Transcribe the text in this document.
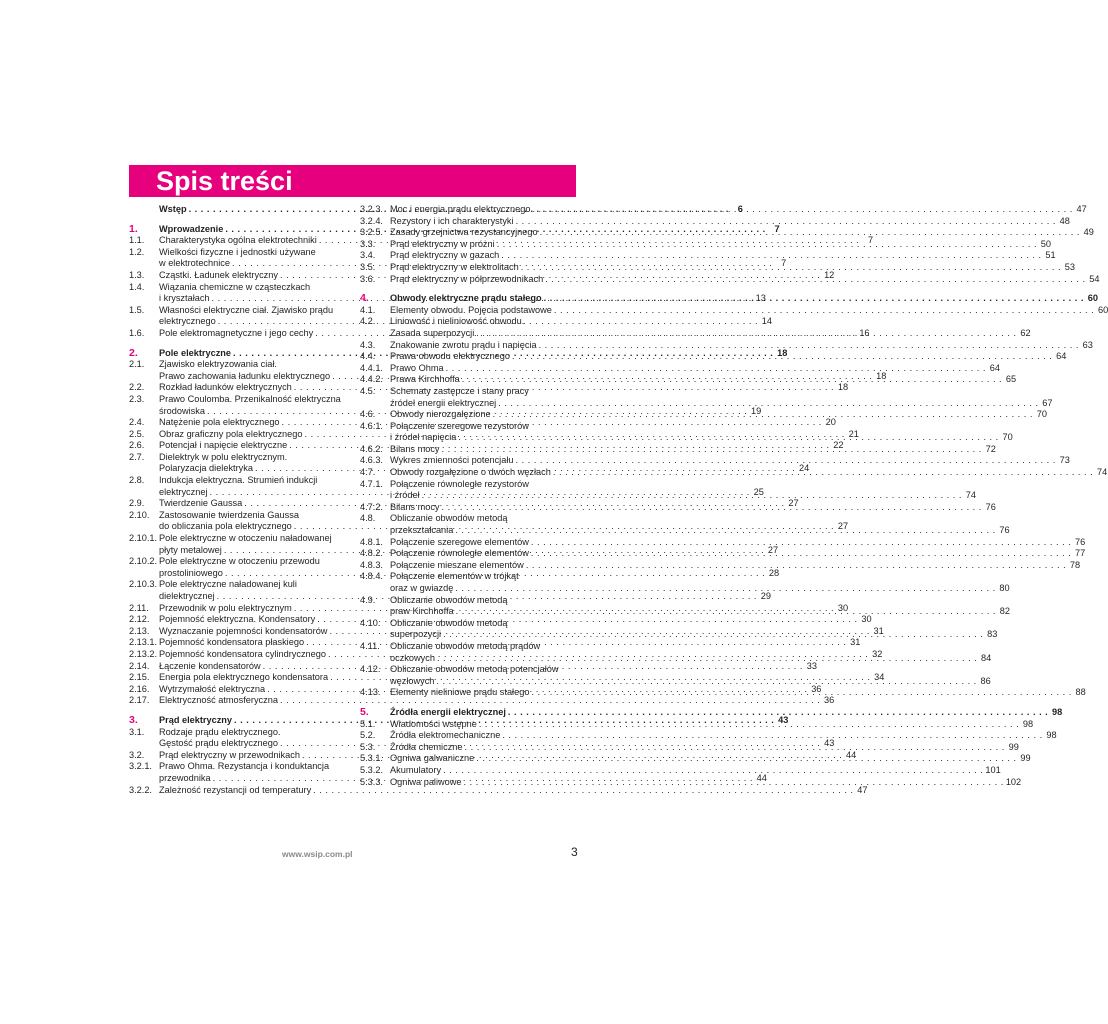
Spis treści
Wstęp . . .	6
1.	Wprowadzenie . . .	7
1.1.	Charakterystyka ogólna elektrotechniki . . .	7
1.2.	Wielkości fizyczne i jednostki używane
w elektrotechnice . . .	7
1.3.	Cząstki. Ładunek elektryczny . . .	12
1.4.	Wiązania chemiczne w cząsteczkach
i kryształach . . .	13
1.5.	Własności elektryczne ciał. Zjawisko prądu
elektrycznego . . .	14
1.6.	Pole elektromagnetyczne i jego cechy . . .	16
2.	Pole elektryczne . . .	18
2.1.	Zjawisko elektryzowania ciał.
Prawo zachowania ładunku elektrycznego . . .	18
2.2.	Rozkład ładunków elektrycznych . . .	18
2.3.	Prawo Coulomba. Przenikalność elektryczna
środowiska . . .	19
2.4.	Natężenie pola elektrycznego . . .	20
2.5.	Obraz graficzny pola elektrycznego . . .	21
2.6.	Potencjał i napięcie elektryczne . . .	22
2.7.	Dielektryk w polu elektrycznym.
Polaryzacja dielektryka . . .	24
2.8.	Indukcja elektryczna. Strumień indukcji
elektrycznej . . .	25
2.9.	Twierdzenie Gaussa . . .	27
2.10.	Zastosowanie twierdzenia Gaussa
do obliczania pola elektrycznego . . .	27
2.10.1. Pole elektryczne w otoczeniu naładowanej
płyty metalowej . . .	27
2.10.2. Pole elektryczne w otoczeniu przewodu
prostoliniowego . . .	28
2.10.3. Pole elektryczne naładowanej kuli
dielektrycznej . . .	29
2.11.	Przewodnik w polu elektrycznym . . .	30
2.12.	Pojemność elektryczna. Kondensatory . . .	30
2.13.	Wyznaczanie pojemności kondensatorów . . .	31
2.13.1. Pojemność kondensatora płaskiego . . .	31
2.13.2. Pojemność kondensatora cylindrycznego . . .	32
2.14.	Łączenie kondensatorów . . .	33
2.15.	Energia pola elektrycznego kondensatora . . .	34
2.16.	Wytrzymałość elektryczna . . .	36
2.17.	Elektryczność atmosferyczna . . .	36
3.	Prąd elektryczny . . .	43
3.1.	Rodzaje prądu elektrycznego.
Gęstość prądu elektrycznego . . .	43
3.2.	Prąd elektryczny w przewodnikach . . .	44
3.2.1. Prawo Ohma. Rezystancja i konduktancja
przewodnika . . .	44
3.2.2. Zależność rezystancji od temperatury . . .	47
3.2.3. Moc i energia prądu elektrycznego . . .	47
3.2.4. Rezystory i ich charakterystyki . . .	48
3.2.5. Zasady grzejnictwa rezystancyjnego . . .	49
3.3.	Prąd elektryczny w próżni . . .	50
3.4.	Prąd elektryczny w gazach . . .	51
3.5.	Prąd elektryczny w elektrolitach . . .	53
3.6.	Prąd elektryczny w półprzewodnikach . . .	54
4.	Obwody elektryczne prądu stałego . . .	60
4.1.	Elementy obwodu. Pojęcia podstawowe . . .	60
4.2.	Liniowość i nieliniowość obwodu.
Zasada superpozycji . . .	62
4.3.	Znakowanie zwrotu prądu i napięcia . . .	63
4.4.	Prawa obwodu elektrycznego . . .	64
4.4.1. Prawo Ohma . . .	64
4.4.2. Prawa Kirchhoffa . . .	65
4.5.	Schematy zastępcze i stany pracy
źródeł energii elektrycznej . . .	67
4.6.	Obwody nierozgałęzione . . .	70
4.6.1. Połączenie szeregowe rezystorów
i źródeł napięcia . . .	70
4.6.2. Bilans mocy . . .	72
4.6.3. Wykres zmienności potencjału . . .	73
4.7.	Obwody rozgałęzione o dwóch węzłach . . .	74
4.7.1. Połączenie równoległe rezystorów
i źródeł . . .	74
4.7.2. Bilans mocy . . .	76
4.8.	Obliczanie obwodów metodą
przekształcania . . .	76
4.8.1. Połączenie szeregowe elementów . . .	76
4.8.2. Połączenie równoległe elementów . . .	77
4.8.3. Połączenie mieszane elementów . . .	78
4.8.4. Połączenie elementów w trójkąt
oraz w gwiazdę . . .	80
4.9.	Obliczanie obwodów metodą
praw Kirchhoffa . . .	82
4.10.	Obliczanie obwodów metodą
superpozycji . . .	83
4.11.	Obliczanie obwodów metodą prądów
oczkowych . . .	84
4.12.	Obliczanie obwodów metodą potencjałów
węzłowych . . .	86
4.13.	Elementy nieliniowe prądu stałego . . .	88
5.	Źródła energii elektrycznej . . .	98
5.1.	Wiadomości wstępne . . .	98
5.2.	Źródła elektromechaniczne . . .	98
5.3.	Źródła chemiczne . . .	99
5.3.1. Ogniwa galwaniczne . . .	99
5.3.2. Akumulatory . . .	101
5.3.3. Ogniwa paliwowe . . .	102
www.wsip.com.pl	3
